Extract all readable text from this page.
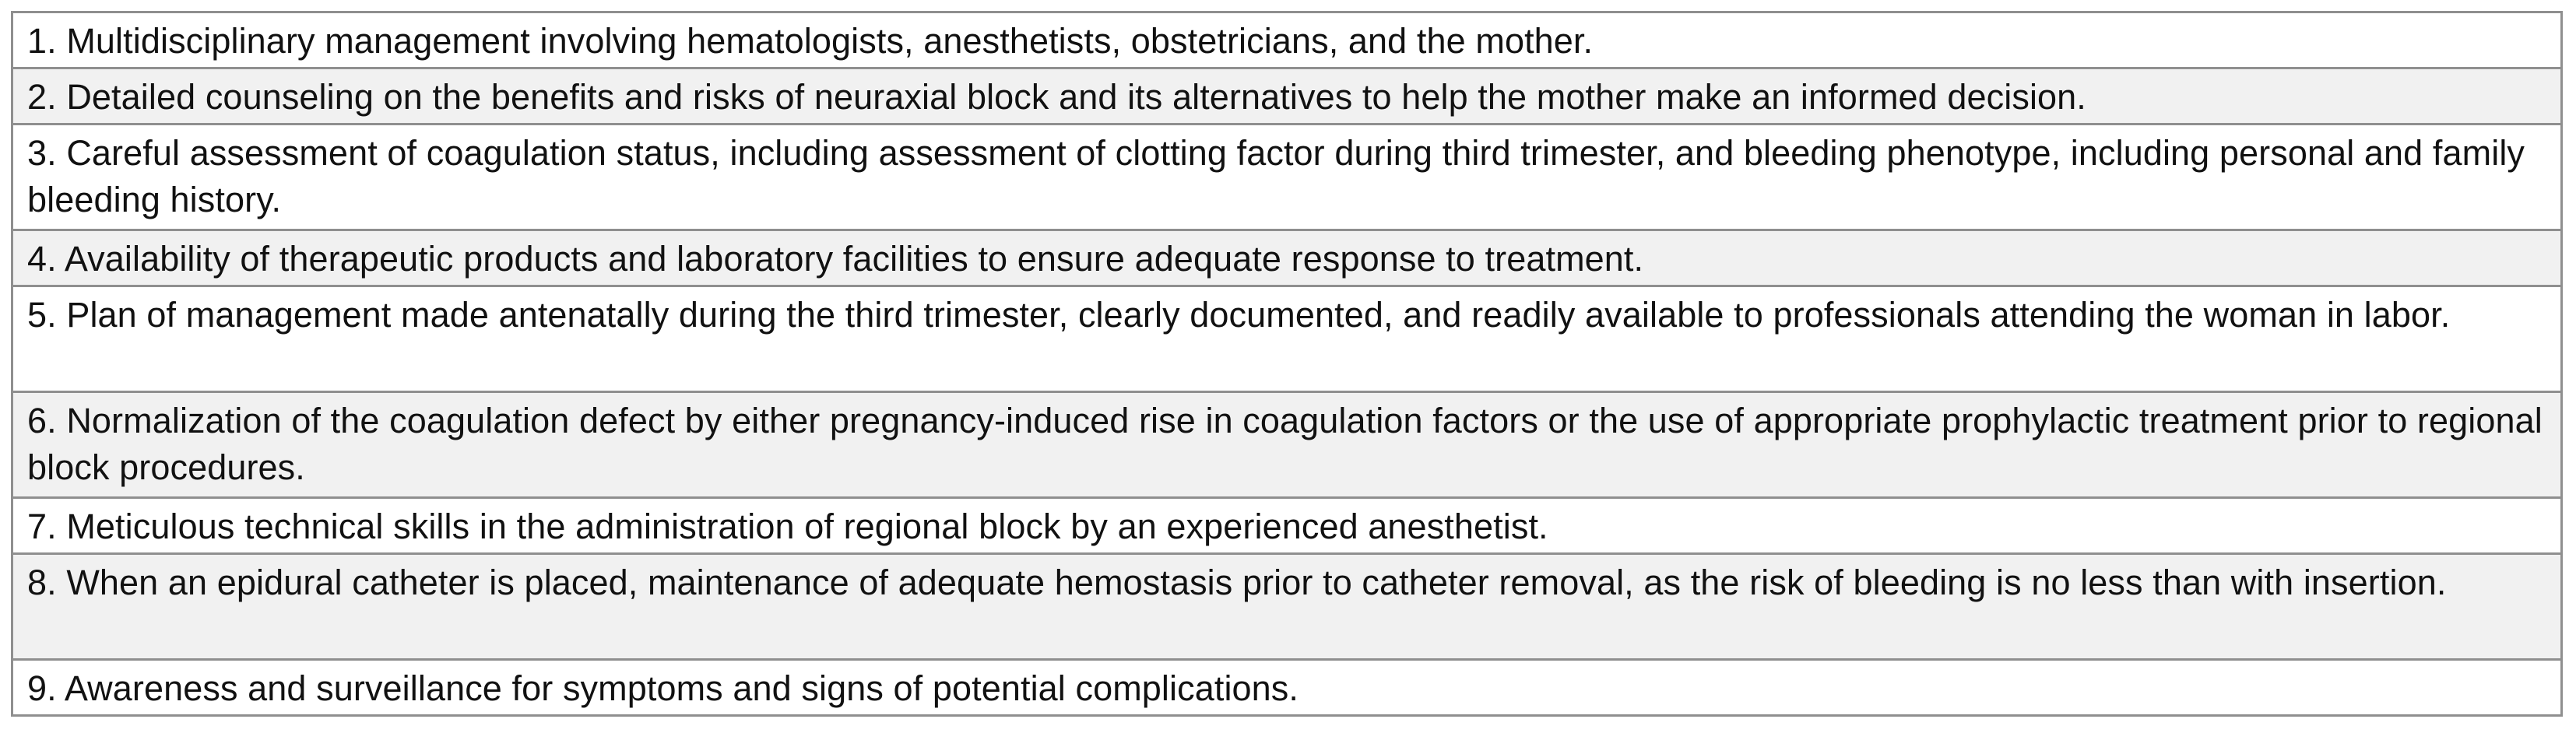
1. Multidisciplinary management involving hematologists, anesthetists, obstetricians, and the mother.
2. Detailed counseling on the benefits and risks of neuraxial block and its alternatives to help the mother make an informed decision.
3. Careful assessment of coagulation status, including assessment of clotting factor during third trimester, and bleeding phenotype, including personal and family bleeding history.
4. Availability of therapeutic products and laboratory facilities to ensure adequate response to treatment.
5. Plan of management made antenatally during the third trimester, clearly documented, and readily available to professionals attending the woman in labor.
6. Normalization of the coagulation defect by either pregnancy-induced rise in coagulation factors or the use of appropriate prophylactic treatment prior to regional block procedures.
7. Meticulous technical skills in the administration of regional block by an experienced anesthetist.
8. When an epidural catheter is placed, maintenance of adequate hemostasis prior to catheter removal, as the risk of bleeding is no less than with insertion.
9. Awareness and surveillance for symptoms and signs of potential complications.
